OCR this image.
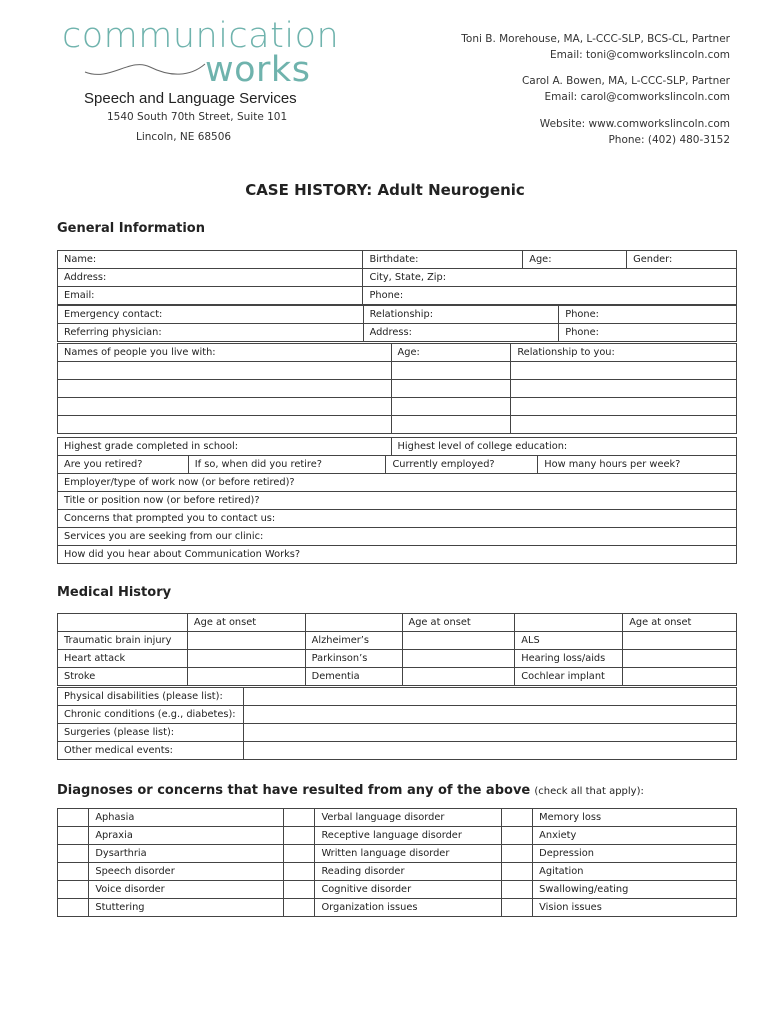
communication
works
Speech and Language Services
1540 South 70th Street, Suite 101
Lincoln, NE 68506
Toni B. Morehouse, MA, L-CCC-SLP, BCS-CL, Partner
Email: toni@comworkslincoln.com
Carol A. Bowen, MA, L-CCC-SLP, Partner
Email: carol@comworkslincoln.com
Website: www.comworkslincoln.com
Phone: (402) 480-3152
CASE HISTORY: Adult Neurogenic
General Information
Name:	Birthdate:	Age:	Gender:
Address:	City, State, Zip:		
Email:	Phone:		
Emergency contact:	Relationship:	Phone:
Referring physician:	Address:	Phone:
Names of people you live with:	Age:	Relationship to you:

Highest grade completed in school:	Highest level of college education:
Are you retired?	If so, when did you retire?	Currently employed?	How many hours per week?
Employer/type of work now (or before retired)?
Title or position now (or before retired)?
Concerns that prompted you to contact us:
Services you are seeking from our clinic:
How did you hear about Communication Works?
Medical History
	Age at onset		Age at onset		Age at onset
Traumatic brain injury		Alzheimer’s		ALS	
Heart attack		Parkinson’s		Hearing loss/aids	
Stroke		Dementia		Cochlear implant	
Physical disabilities (please list):	
Chronic conditions (e.g., diabetes):	
Surgeries (please list):	
Other medical events:	
Diagnoses or concerns that have resulted from any of the above (check all that apply):
	Aphasia		Verbal language disorder		Memory loss
	Apraxia		Receptive language disorder		Anxiety
	Dysarthria		Written language disorder		Depression
	Speech disorder		Reading disorder		Agitation
	Voice disorder		Cognitive disorder		Swallowing/eating
	Stuttering		Organization issues		Vision issues
